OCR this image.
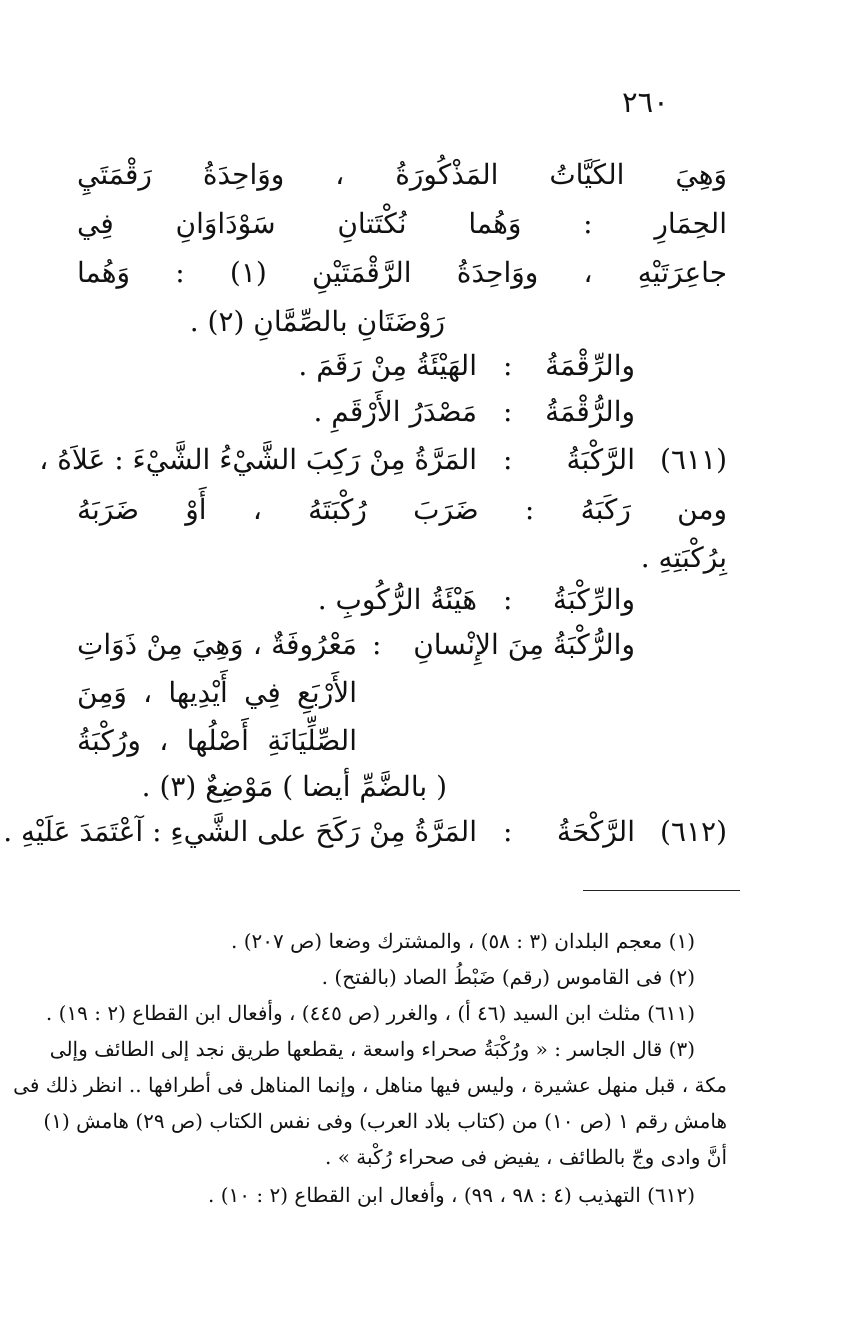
٢٦٠
وَهِيَ الكَيَّاتُ المَذْكُورَةُ ، ووَاحِدَةُ رَقْمَتَيِ
الحِمَارِ : وَهُما نُكْتَتانِ سَوْدَاوَانِ فِي
جاعِرَتَيْهِ ، ووَاحِدَةُ الرَّقْمَتَيْنِ (١) : وَهُما
رَوْضَتَانِ بالصِّمَّانِ (٢) .
والرِّقْمَةُ
:
الهَيْئَةُ مِنْ رَقَمَ .
والرُّقْمَةُ
:
مَصْدَرُ الأَرْقَمِ .
(٦١١)
الرَّكْبَةُ
:
المَرَّةُ مِنْ رَكِبَ الشَّيْءُ الشَّيْءَ : عَلاَهُ ،
ومن رَكَبَهُ : ضَرَبَ رُكْبَتَهُ ، أَوْ ضَرَبَهُ
بِرُكْبَتِهِ .
والرِّكْبَةُ
:
هَيْئَةُ الرُّكُوبِ .
والرُّكْبَةُ مِنَ الإِنْسانِ
:
مَعْرُوفَةٌ ، وَهِيَ مِنْ ذَوَاتِ
الأَرْبَعِ فِي أَيْدِيها ، وَمِنَ
الصِّلِّيَانَةِ أَصْلُها ، ورُكْبَةُ
( بالضَّمِّ أيضا ) مَوْضِعٌ (٣) .
(٦١٢)
الرَّكْحَةُ
:
المَرَّةُ مِنْ رَكَحَ على الشَّيءِ : آعْتَمَدَ عَلَيْهِ .
(١) معجم البلدان (٣ : ٥٨) ، والمشترك وضعا (ص ٢٠٧) .
(٢) فى القاموس (رقم) ضَبْطُ الصاد (بالفتح) .
(٦١١) مثلث ابن السيد (٤٦ أ) ، والغرر (ص ٤٤٥) ، وأفعال ابن القطاع (٢ : ١٩) .
(٣) قال الجاسر : « ورُكْبَةُ صحراء واسعة ، يقطعها طريق نجد إلى الطائف وإلى
مكة ، قبل منهل عشيرة ، وليس فيها مناهل ، وإنما المناهل فى أطرافها .. انظر ذلك فى
هامش رقم ١ (ص ١٠) من (كتاب بلاد العرب) وفى نفس الكتاب (ص ٢٩) هامش (١)
أنَّ وادى وجّ بالطائف ، يفيض فى صحراء رُكْبة » .
(٦١٢) التهذيب (٤ : ٩٨ ، ٩٩) ، وأفعال ابن القطاع (٢ : ١٠) .
